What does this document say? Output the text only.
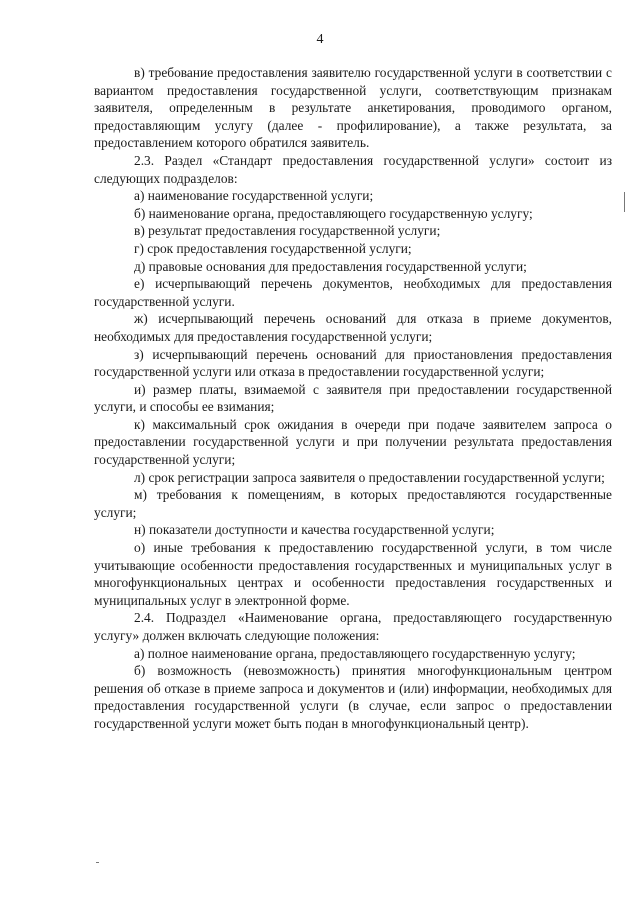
4

в) требование предоставления заявителю государственной услуги в соответствии с вариантом предоставления государственной услуги, соответствующим признакам заявителя, определенным в результате анкетирования, проводимого органом, предоставляющим услугу (далее - профилирование), а также результата, за предоставлением которого обратился заявитель.

2.3. Раздел «Стандарт предоставления государственной услуги» состоит из следующих подразделов:

а) наименование государственной услуги;

б) наименование органа, предоставляющего государственную услугу;

в) результат предоставления государственной услуги;

г) срок предоставления государственной услуги;

д) правовые основания для предоставления государственной услуги;

е) исчерпывающий перечень документов, необходимых для предоставления государственной услуги.

ж) исчерпывающий перечень оснований для отказа в приеме документов, необходимых для предоставления государственной услуги;

з) исчерпывающий перечень оснований для приостановления предоставления государственной услуги или отказа в предоставлении государственной услуги;

и) размер платы, взимаемой с заявителя при предоставлении государственной услуги, и способы ее взимания;

к) максимальный срок ожидания в очереди при подаче заявителем запроса о предоставлении государственной услуги и при получении результата предоставления государственной услуги;

л) срок регистрации запроса заявителя о предоставлении государственной услуги;

м) требования к помещениям, в которых предоставляются государственные услуги;

н) показатели доступности и качества государственной услуги;

о) иные требования к предоставлению государственной услуги, в том числе учитывающие особенности предоставления государственных и муниципальных услуг в многофункциональных центрах и особенности предоставления государственных и муниципальных услуг в электронной форме.

2.4. Подраздел «Наименование органа, предоставляющего государственную услугу» должен включать следующие положения:

а) полное наименование органа, предоставляющего государственную услугу;

б) возможность (невозможность) принятия многофункциональным центром решения об отказе в приеме запроса и документов и (или) информации, необходимых для предоставления государственной услуги (в случае, если запрос о предоставлении государственной услуги может быть подан в многофункциональный центр).
